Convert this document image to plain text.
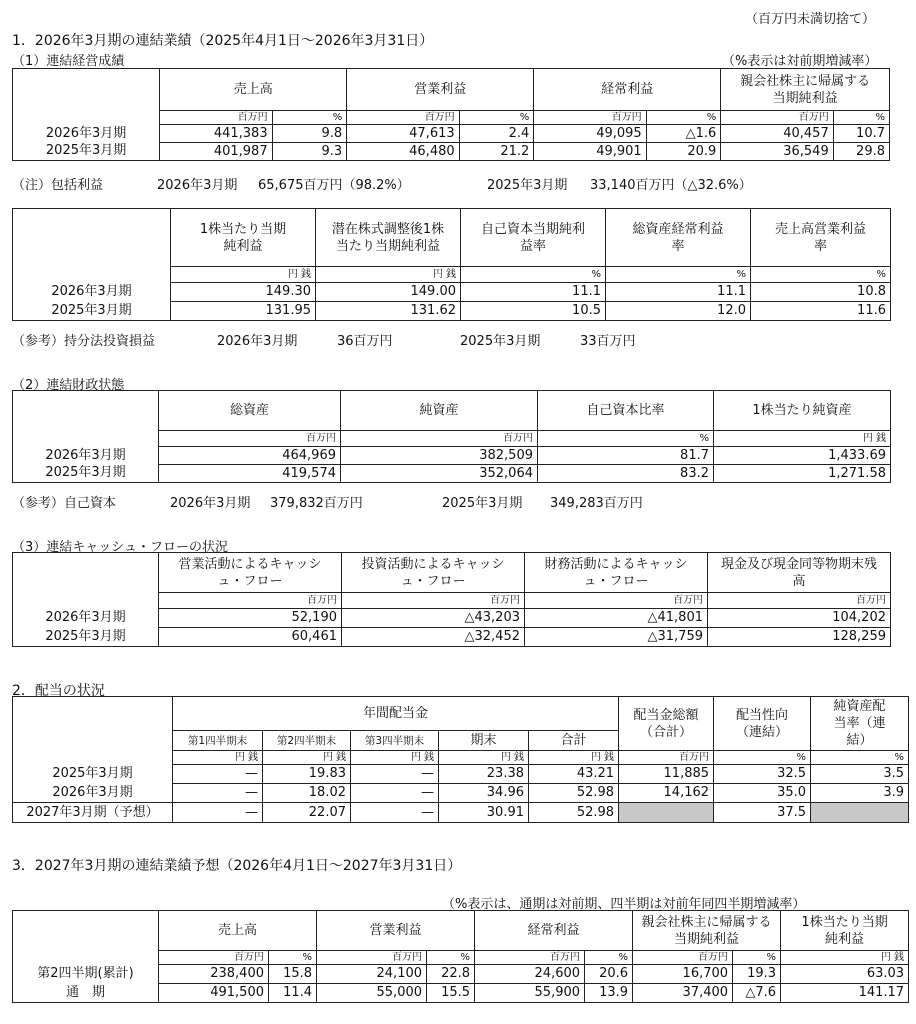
（百万円未満切捨て）
1．2026年3月期の連結業績（2025年4月1日～2026年3月31日）
（1）連結経営成績	（%表示は対前期増減率）
	売上高		営業利益		経常利益		親会社株主に帰属する当期純利益	
	百万円	%	百万円	%	百万円	%	百万円	%
2026年3月期	441,383	9.8	47,613	2.4	49,095	△1.6	40,457	10.7
2025年3月期	401,987	9.3	46,480	21.2	49,901	20.9	36,549	29.8
（注）包括利益	2026年3月期 65,675百万円（98.2%）	2025年3月期 33,140百万円（△32.6%）
	1株当たり当期純利益	潜在株式調整後1株当たり当期純利益	自己資本当期純利益率	総資産経常利益率	売上高営業利益率
	円 銭	円 銭	%	%	%
2026年3月期	149.30	149.00	11.1	11.1	10.8
2025年3月期	131.95	131.62	10.5	12.0	11.6
（参考）持分法投資損益	2026年3月期	36百万円	2025年3月期	33百万円
（2）連結財政状態
	総資産	純資産	自己資本比率	1株当たり純資産
	百万円	百万円	%	円 銭
2026年3月期	464,969	382,509	81.7	1,433.69
2025年3月期	419,574	352,064	83.2	1,271.58
（参考）自己資本	2026年3月期 379,832百万円	2025年3月期 349,283百万円
（3）連結キャッシュ・フローの状況
	営業活動によるキャッシュ・フロー	投資活動によるキャッシュ・フロー	財務活動によるキャッシュ・フロー	現金及び現金同等物期末残高
	百万円	百万円	百万円	百万円
2026年3月期	52,190	△43,203	△41,801	104,202
2025年3月期	60,461	△32,452	△31,759	128,259
2．配当の状況
	年間配当金					配当金総額（合計）	配当性向（連結）	純資産配当率（連結）
	第1四半期末	第2四半期末	第3四半期末	期末	合計			
	円 銭	円 銭	円 銭	円 銭	円 銭	百万円	%	%
2025年3月期	—	19.83	—	23.38	43.21	11,885	32.5	3.5
2026年3月期	—	18.02	—	34.96	52.98	14,162	35.0	3.9
2027年3月期（予想）	—	22.07	—	30.91	52.98		37.5	
3．2027年3月期の連結業績予想（2026年4月1日～2027年3月31日）
（%表示は、通期は対前期、四半期は対前年同四半期増減率）
	売上高		営業利益		経常利益		親会社株主に帰属する当期純利益		1株当たり当期純利益
	百万円	%	百万円	%	百万円	%	百万円	%	円 銭
第2四半期(累計)	238,400	15.8	24,100	22.8	24,600	20.6	16,700	19.3	63.03
通　期	491,500	11.4	55,000	15.5	55,900	13.9	37,400	△7.6	141.17
